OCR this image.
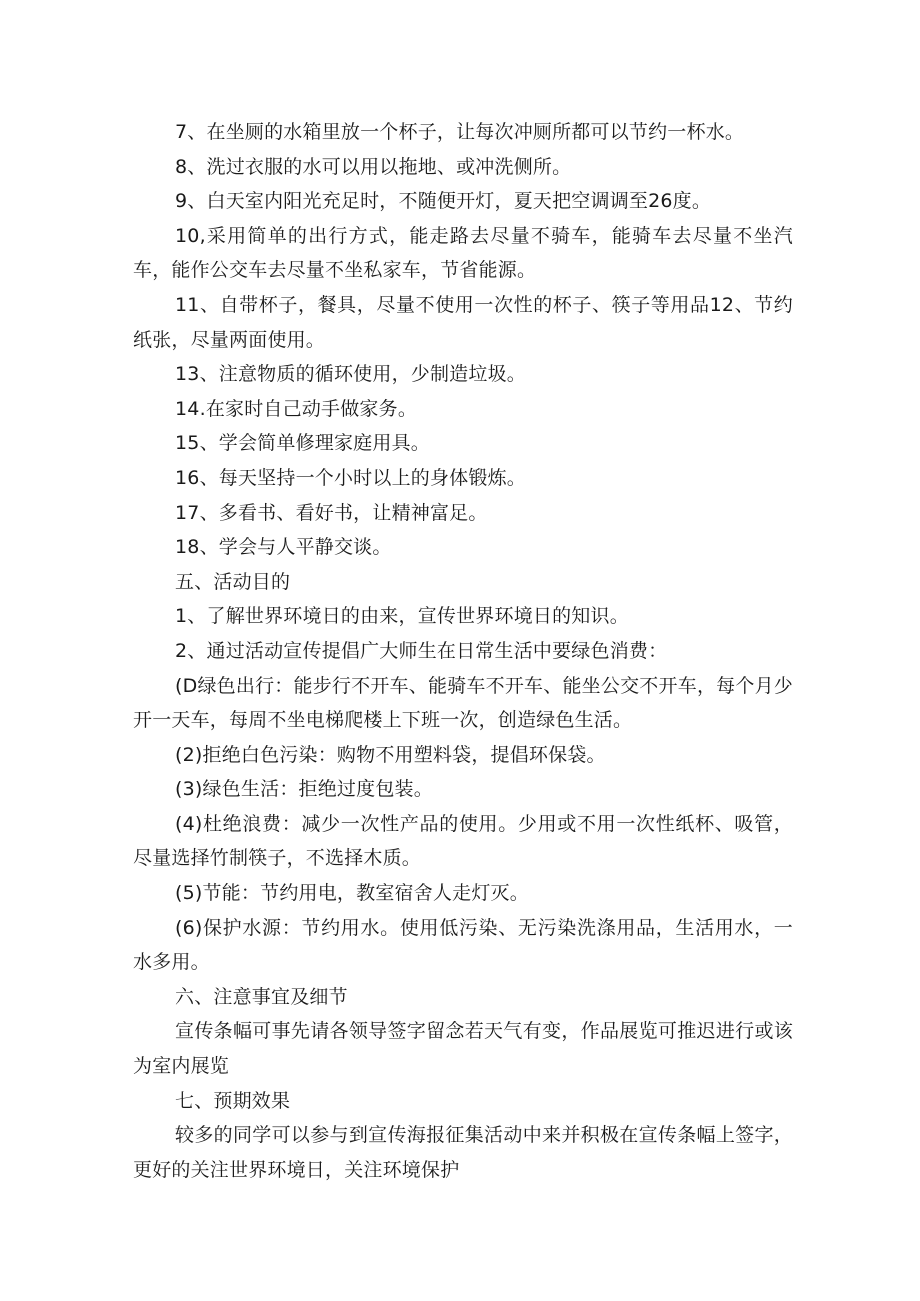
7、在坐厕的水箱里放一个杯子，让每次冲厕所都可以节约一杯水。

8、洗过衣服的水可以用以拖地、或冲洗侧所。

9、白天室内阳光充足时，不随便开灯，夏天把空调调至26度。

10,采用简单的出行方式，能走路去尽量不骑车，能骑车去尽量不坐汽车，能作公交车去尽量不坐私家车，节省能源。

11、自带杯子，餐具，尽量不使用一次性的杯子、筷子等用品12、节约纸张，尽量两面使用。

13、注意物质的循环使用，少制造垃圾。

14.在家时自己动手做家务。

15、学会简单修理家庭用具。

16、每天坚持一个小时以上的身体锻炼。

17、多看书、看好书，让精神富足。

18、学会与人平静交谈。

五、活动目的

1、了解世界环境日的由来，宣传世界环境日的知识。

2、通过活动宣传提倡广大师生在日常生活中要绿色消费：

(D绿色出行：能步行不开车、能骑车不开车、能坐公交不开车，每个月少开一天车，每周不坐电梯爬楼上下班一次，创造绿色生活。

(2)拒绝白色污染：购物不用塑料袋，提倡环保袋。

(3)绿色生活：拒绝过度包装。

(4)杜绝浪费：减少一次性产品的使用。少用或不用一次性纸杯、吸管，尽量选择竹制筷子，不选择木质。

(5)节能：节约用电，教室宿舍人走灯灭。

(6)保护水源：节约用水。使用低污染、无污染洗涤用品，生活用水，一水多用。

六、注意事宜及细节

宣传条幅可事先请各领导签字留念若天气有变，作品展览可推迟进行或该为室内展览

七、预期效果

较多的同学可以参与到宣传海报征集活动中来并积极在宣传条幅上签字，更好的关注世界环境日，关注环境保护
